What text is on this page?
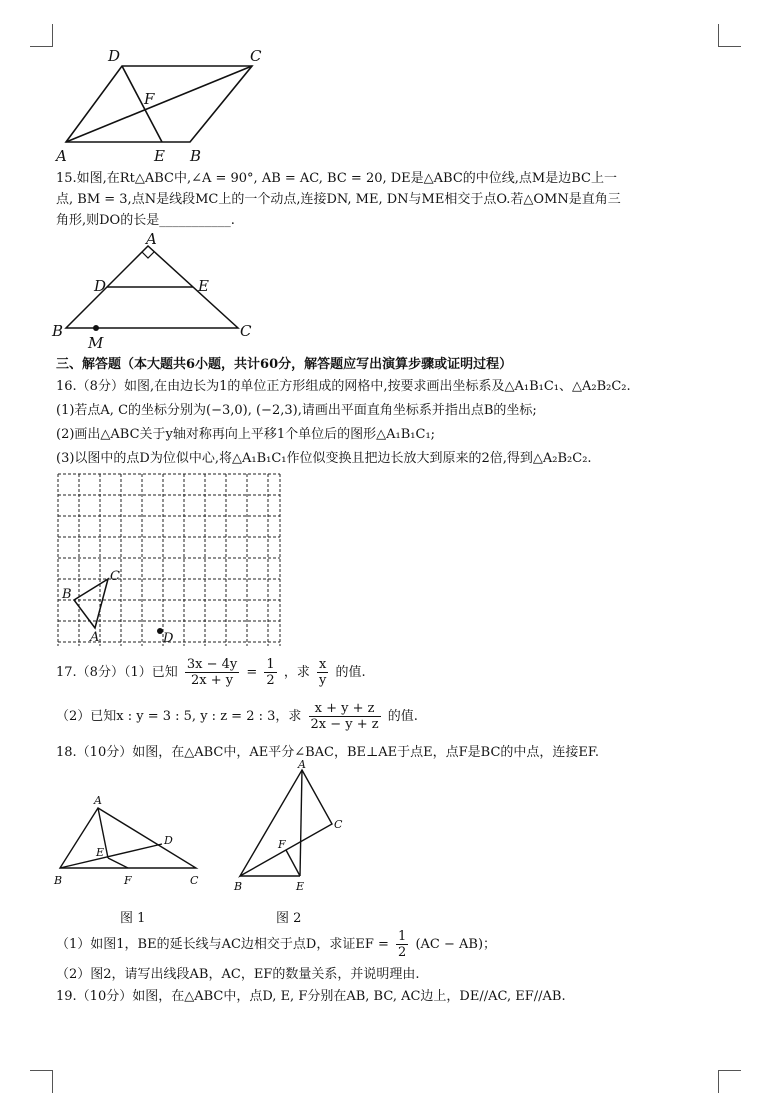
D	C
F
A	E B
15.如图,在Rt△ABC中,∠A = 90°, AB = AC, BC = 20, DE是△ABC的中位线,点M是边BC上一
点, BM = 3,点N是线段MC上的一个动点,连接DN, ME, DN与ME相交于点O.若△OMN是直角三
角形,则DO的长是___________.
A
D	E
B	C
M
三、解答题（本大题共6小题，共计60分，解答题应写出演算步骤或证明过程）
16.（8分）如图,在由边长为1的单位正方形组成的网格中,按要求画出坐标系及△A₁B₁C₁、△A₂B₂C₂.
(1)若点A, C的坐标分别为(−3,0), (−2,3),请画出平面直角坐标系并指出点B的坐标;
(2)画出△ABC关于y轴对称再向上平移1个单位后的图形△A₁B₁C₁;
(3)以图中的点D为位似中心,将△A₁B₁C₁作位似变换且把边长放大到原来的2倍,得到△A₂B₂C₂.
B
C
A	D
17.（8分）（1）已知 $\frac{3x - 4y}{2x + y} = \frac{1}{2}$ ，求 $\frac{x}{y}$ 的值.
（2）已知x : y = 3 : 5, y : z = 2 : 3，求 $\frac{x + y + z}{2x - y + z}$ 的值.
18.（10分）如图，在△ABC中，AE平分∠BAC，BE⊥AE于点E，点F是BC的中点，连接EF.
A
D
E
B	F	C
图 1
A
C
F
B	E
图 2
（1）如图1，BE的延长线与AC边相交于点D，求证EF = $\frac{1}{2} (AC - AB)$；
（2）图2，请写出线段AB，AC，EF的数量关系，并说明理由.
19.（10分）如图，在△ABC中，点D, E, F分别在AB, BC, AC边上，DE//AC, EF//AB.
